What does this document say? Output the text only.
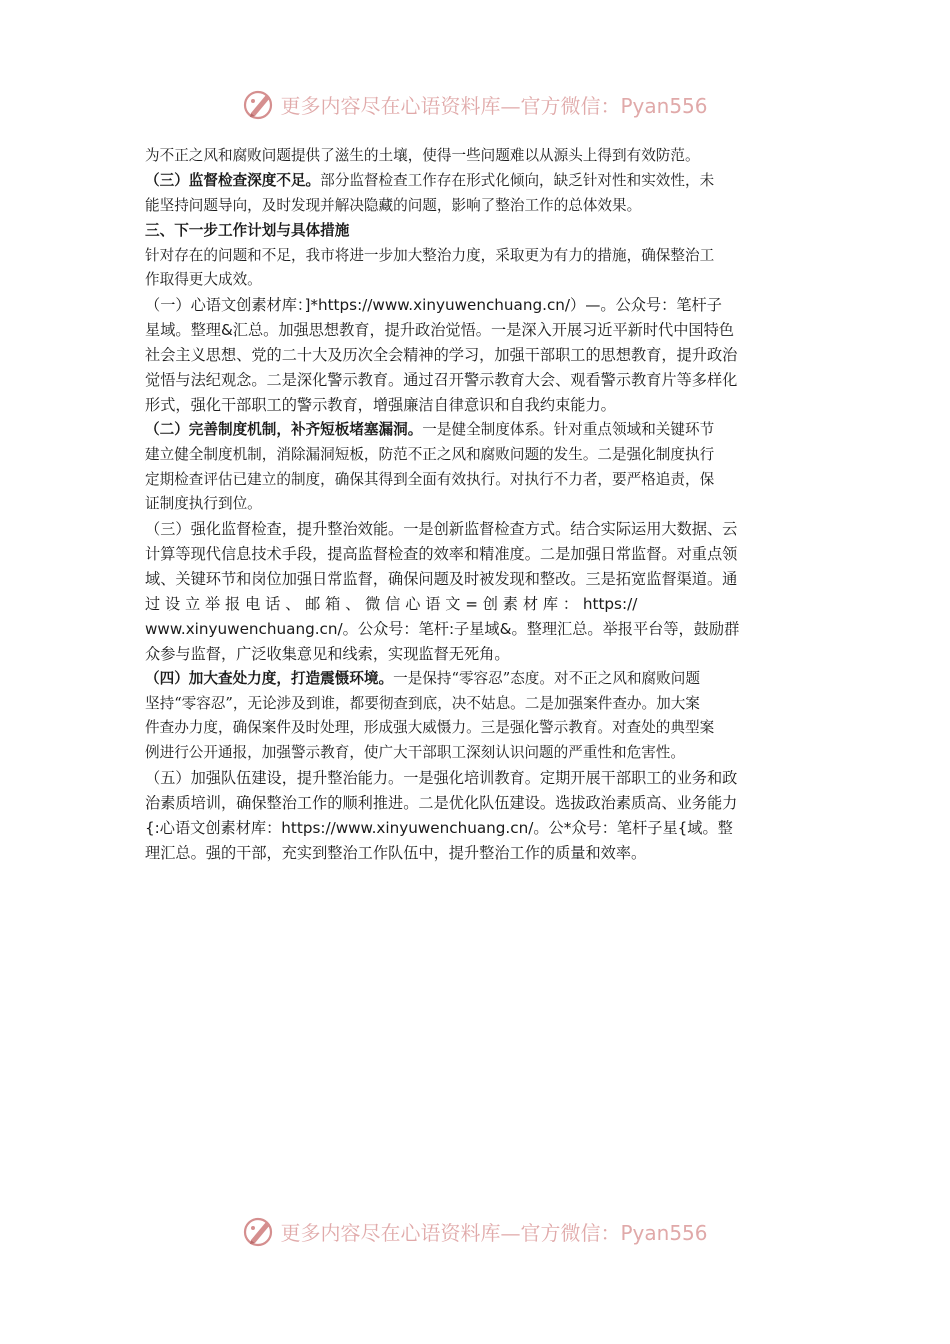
更多内容尽在心语资料库—官方微信：Pyan556
为不正之风和腐败问题提供了滋生的土壤，使得一些问题难以从源头上得到有效防范。
（三）监督检查深度不足。部分监督检查工作存在形式化倾向，缺乏针对性和实效性，未
能坚持问题导向，及时发现并解决隐藏的问题，影响了整治工作的总体效果。
三、下一步工作计划与具体措施
针对存在的问题和不足，我市将进一步加大整治力度，采取更为有力的措施，确保整治工
作取得更大成效。
（一）心语文创素材库：]*https://www.xinyuwenchuang.cn/）—。公众号：笔杆子
星域。整理&汇总。加强思想教育，提升政治觉悟。一是深入开展习近平新时代中国特色
社会主义思想、党的二十大及历次全会精神的学习，加强干部职工的思想教育，提升政治
觉悟与法纪观念。二是深化警示教育。通过召开警示教育大会、观看警示教育片等多样化
形式，强化干部职工的警示教育，增强廉洁自律意识和自我约束能力。
（二）完善制度机制，补齐短板堵塞漏洞。一是健全制度体系。针对重点领域和关键环节
建立健全制度机制，消除漏洞短板，防范不正之风和腐败问题的发生。二是强化制度执行
定期检查评估已建立的制度，确保其得到全面有效执行。对执行不力者，要严格追责，保
证制度执行到位。
（三）强化监督检查，提升整治效能。一是创新监督检查方式。结合实际运用大数据、云
计算等现代信息技术手段，提高监督检查的效率和精准度。二是加强日常监督。对重点领
域、关键环节和岗位加强日常监督，确保问题及时被发现和整改。三是拓宽监督渠道。通
过 设 立 举 报 电 话 、 邮 箱 、 微 信 心 语 文 = 创 素 材 库 ： https://
www.xinyuwenchuang.cn/。公众号：笔杆:子星域&。整理汇总。举报平台等，鼓励群
众参与监督，广泛收集意见和线索，实现监督无死角。
（四）加大查处力度，打造震慑环境。一是保持“零容忍”态度。对不正之风和腐败问题
坚持“零容忍”，无论涉及到谁，都要彻查到底，决不姑息。二是加强案件查办。加大案
件查办力度，确保案件及时处理，形成强大威慑力。三是强化警示教育。对查处的典型案
例进行公开通报，加强警示教育，使广大干部职工深刻认识问题的严重性和危害性。
（五）加强队伍建设，提升整治能力。一是强化培训教育。定期开展干部职工的业务和政
治素质培训，确保整治工作的顺利推进。二是优化队伍建设。选拔政治素质高、业务能力
{:心语文创素材库：https://www.xinyuwenchuang.cn/。公*众号：笔杆子星{域。整
理汇总。强的干部，充实到整治工作队伍中，提升整治工作的质量和效率。
更多内容尽在心语资料库—官方微信：Pyan556
